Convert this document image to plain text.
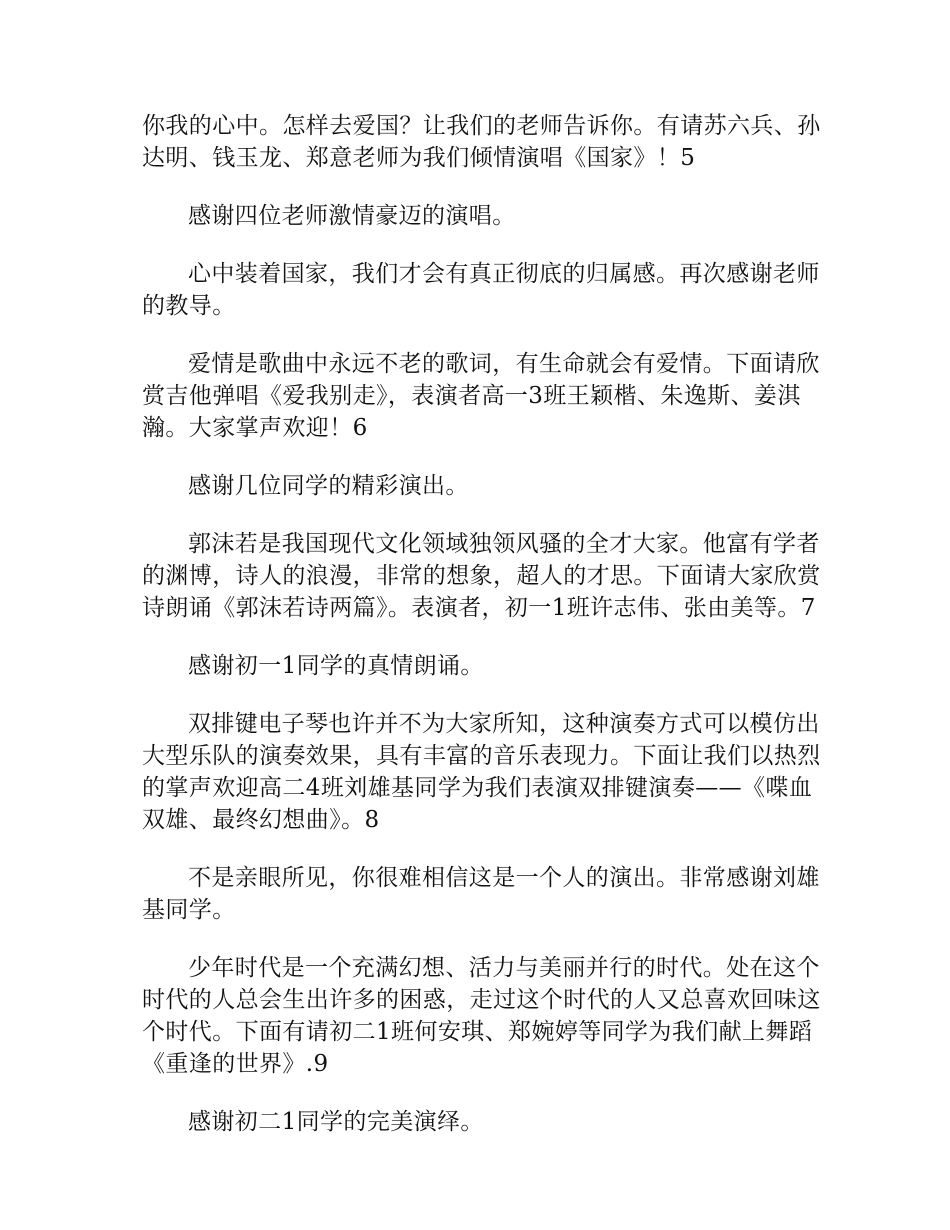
你我的心中。怎样去爱国？让我们的老师告诉你。有请苏六兵、孙达明、钱玉龙、郑意老师为我们倾情演唱《国家》！5

感谢四位老师激情豪迈的演唱。

心中装着国家，我们才会有真正彻底的归属感。再次感谢老师的教导。

爱情是歌曲中永远不老的歌词，有生命就会有爱情。下面请欣赏吉他弹唱《爱我别走》，表演者高一3班王颖楷、朱逸斯、姜淇瀚。大家掌声欢迎！6

感谢几位同学的精彩演出。

郭沫若是我国现代文化领域独领风骚的全才大家。他富有学者的渊博，诗人的浪漫，非常的想象，超人的才思。下面请大家欣赏诗朗诵《郭沫若诗两篇》。表演者，初一1班许志伟、张由美等。7

感谢初一1同学的真情朗诵。

双排键电子琴也许并不为大家所知，这种演奏方式可以模仿出大型乐队的演奏效果，具有丰富的音乐表现力。下面让我们以热烈的掌声欢迎高二4班刘雄基同学为我们表演双排键演奏——《喋血双雄、最终幻想曲》。8

不是亲眼所见，你很难相信这是一个人的演出。非常感谢刘雄基同学。

少年时代是一个充满幻想、活力与美丽并行的时代。处在这个时代的人总会生出许多的困惑，走过这个时代的人又总喜欢回味这个时代。下面有请初二1班何安琪、郑婉婷等同学为我们献上舞蹈《重逢的世界》.9

感谢初二1同学的完美演绎。
